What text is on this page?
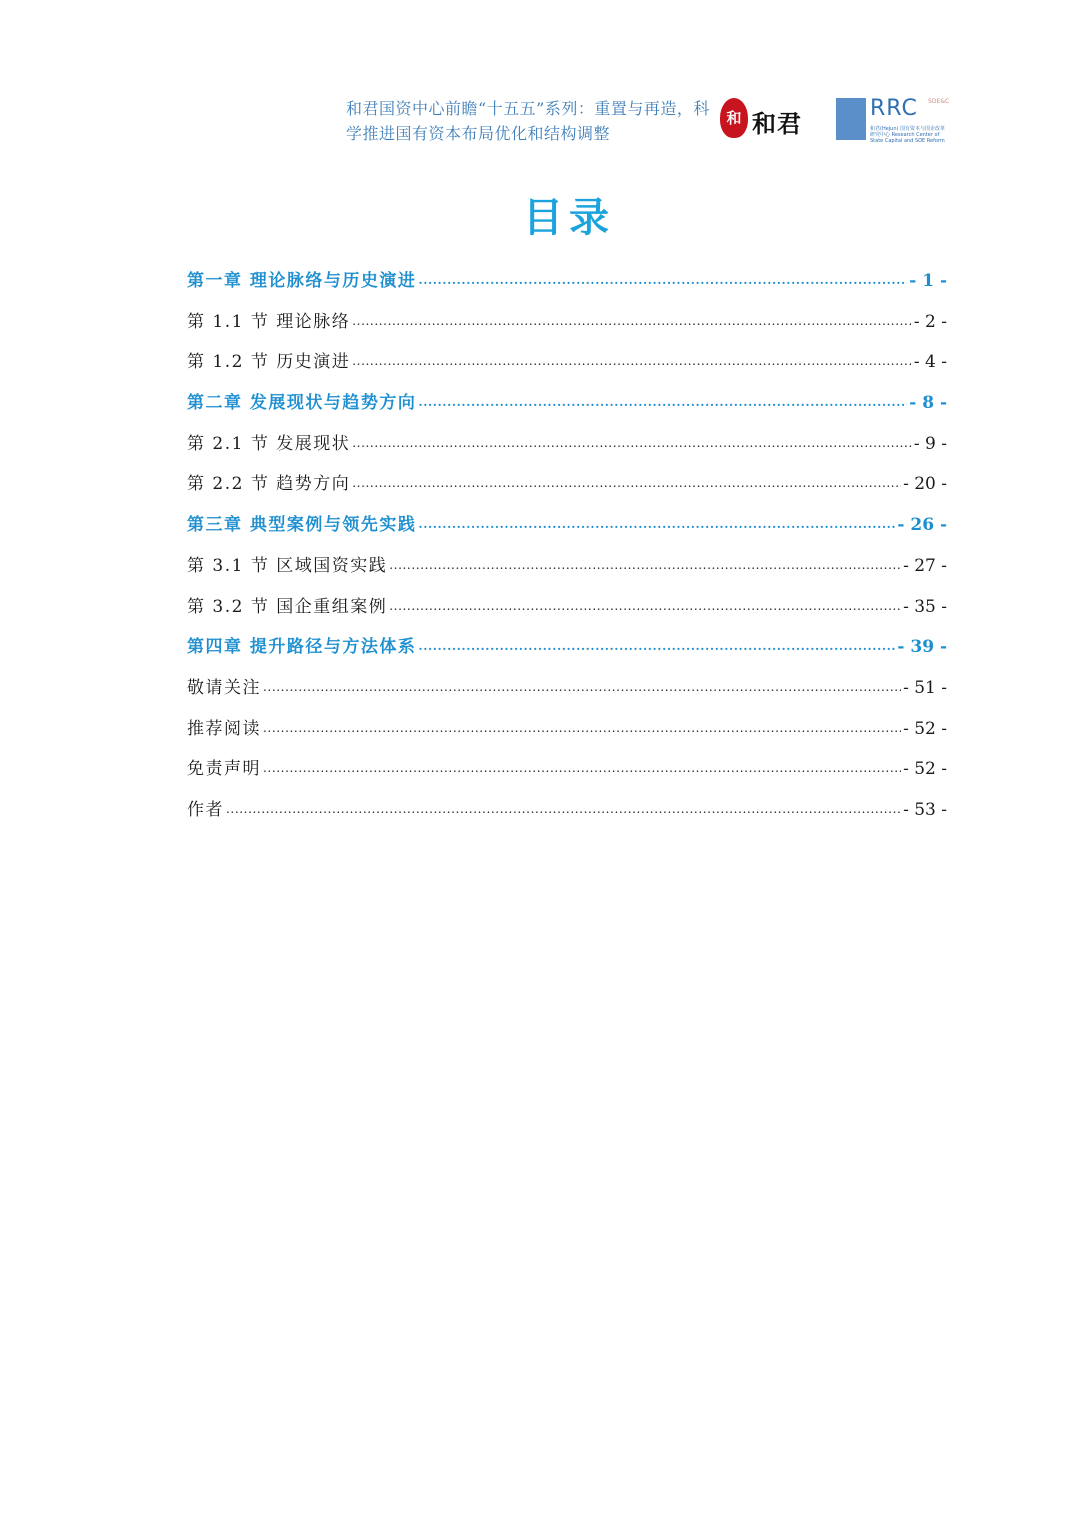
和君国资中心前瞻“十五五”系列：重置与再造，科学推进国有资本布局优化和结构调整
和 和君
RRC SOE&C
和君(Hejun) 国有资本与国企改革研究中心 Research Center of State Capital and SOE Reform
目录
第一章 理论脉络与历史演进 .....	- 1 -
第 1.1 节 理论脉络 .....	- 2 -
第 1.2 节 历史演进 .....	- 4 -
第二章 发展现状与趋势方向 .....	- 8 -
第 2.1 节 发展现状 .....	- 9 -
第 2.2 节 趋势方向 .....	- 20 -
第三章 典型案例与领先实践 .....	- 26 -
第 3.1 节 区域国资实践 .....	- 27 -
第 3.2 节 国企重组案例 .....	- 35 -
第四章 提升路径与方法体系 .....	- 39 -
敬请关注 .....	- 51 -
推荐阅读 .....	- 52 -
免责声明 .....	- 52 -
作者 .....	- 53 -
